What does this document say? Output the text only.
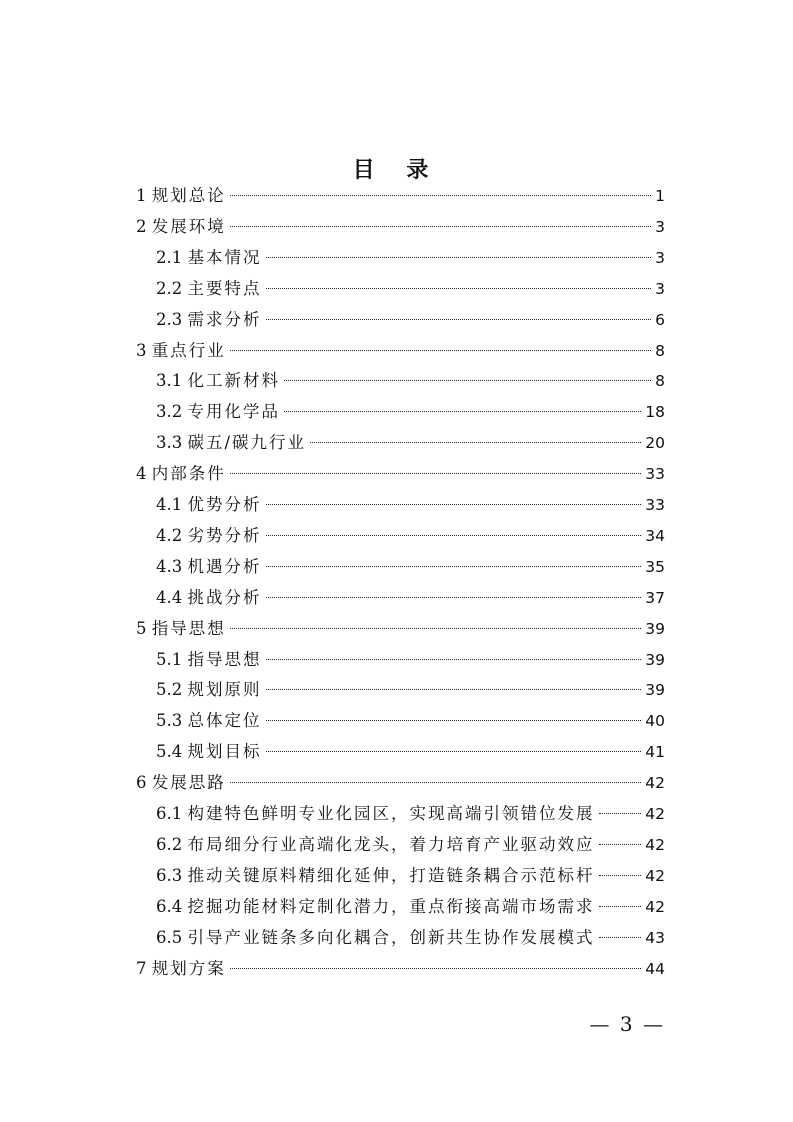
目 录
1 规划总论	1
2 发展环境	3
2.1 基本情况	3
2.2 主要特点	3
2.3 需求分析	6
3 重点行业	8
3.1 化工新材料	8
3.2 专用化学品	18
3.3 碳五/碳九行业	20
4 内部条件	33
4.1 优势分析	33
4.2 劣势分析	34
4.3 机遇分析	35
4.4 挑战分析	37
5 指导思想	39
5.1 指导思想	39
5.2 规划原则	39
5.3 总体定位	40
5.4 规划目标	41
6 发展思路	42
6.1 构建特色鲜明专业化园区，实现高端引领错位发展	42
6.2 布局细分行业高端化龙头，着力培育产业驱动效应	42
6.3 推动关键原料精细化延伸，打造链条耦合示范标杆	42
6.4 挖掘功能材料定制化潜力，重点衔接高端市场需求	42
6.5 引导产业链条多向化耦合，创新共生协作发展模式	43
7 规划方案	44
— 3 —
